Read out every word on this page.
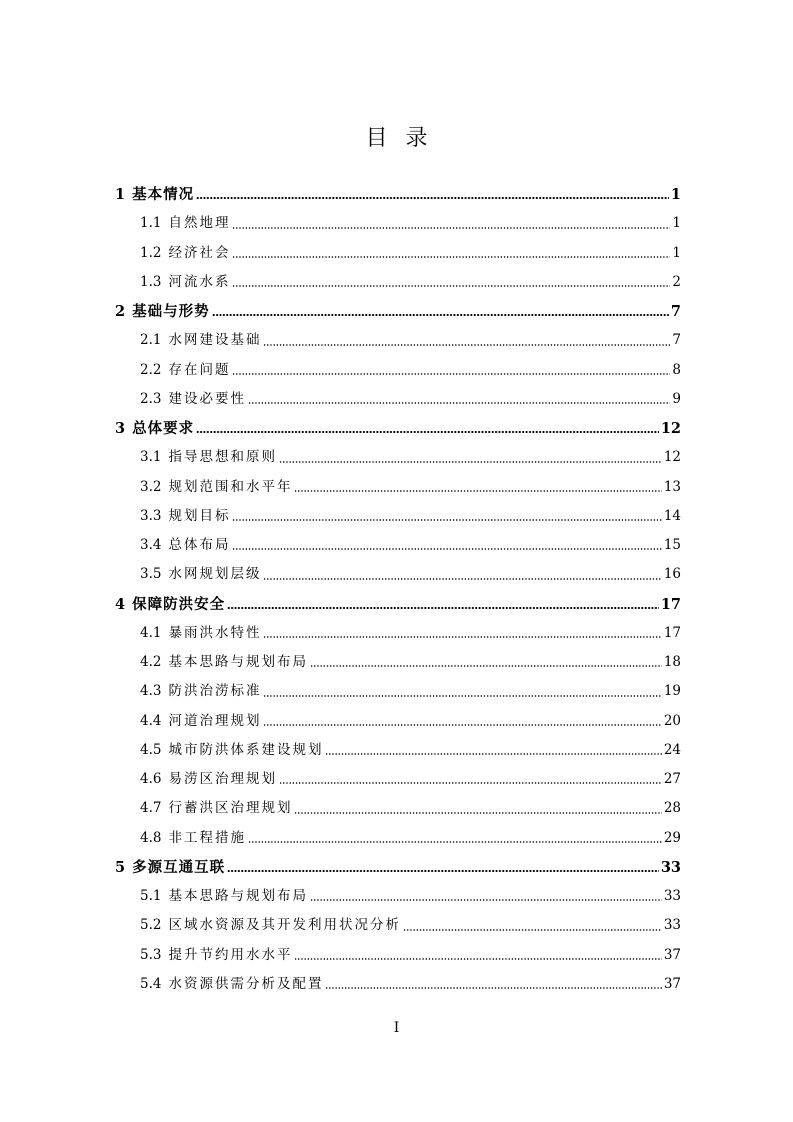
目录
1 基本情况	1
1.1 自然地理	1
1.2 经济社会	1
1.3 河流水系	2
2 基础与形势	7
2.1 水网建设基础	7
2.2 存在问题	8
2.3 建设必要性	9
3 总体要求	12
3.1 指导思想和原则	12
3.2 规划范围和水平年	13
3.3 规划目标	14
3.4 总体布局	15
3.5 水网规划层级	16
4 保障防洪安全	17
4.1 暴雨洪水特性	17
4.2 基本思路与规划布局	18
4.3 防洪治涝标准	19
4.4 河道治理规划	20
4.5 城市防洪体系建设规划	24
4.6 易涝区治理规划	27
4.7 行蓄洪区治理规划	28
4.8 非工程措施	29
5 多源互通互联	33
5.1 基本思路与规划布局	33
5.2 区域水资源及其开发利用状况分析	33
5.3 提升节约用水水平	37
5.4 水资源供需分析及配置	37
I
